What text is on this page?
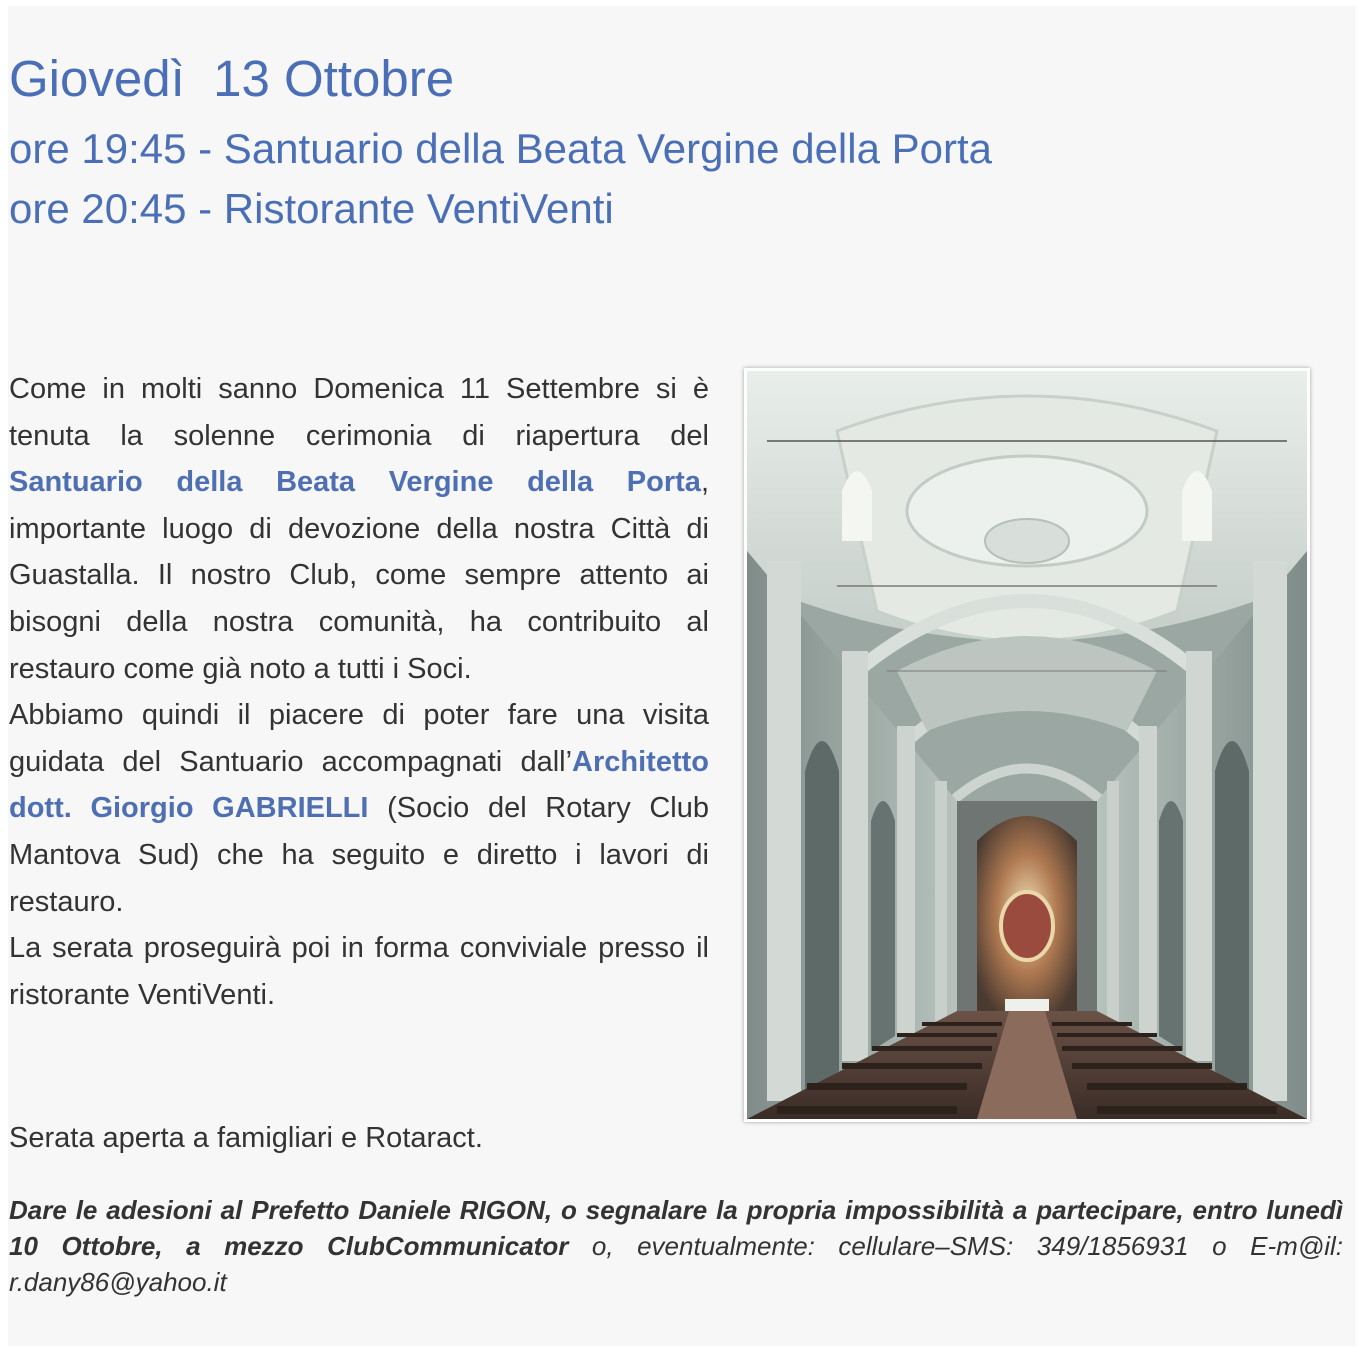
Giovedì  13 Ottobre
ore 19:45 - Santuario della Beata Vergine della Porta
ore 20:45 - Ristorante VentiVenti

Come in molti sanno Domenica 11 Settembre si è tenuta la solenne cerimonia di riapertura del Santuario della Beata Vergine della Porta, importante luogo di devozione della nostra Città di Guastalla. Il nostro Club, come sempre attento ai bisogni della nostra comunità, ha contribuito al restauro come già noto a tutti i Soci.

Abbiamo quindi il piacere di poter fare una visita guidata del Santuario accompagnati dall’Architetto dott. Giorgio GABRIELLI (Socio del Rotary Club Mantova Sud) che ha seguito e diretto i lavori di restauro.

La serata proseguirà poi in forma conviviale presso il ristorante VentiVenti.

Serata aperta a famigliari e Rotaract.

Dare le adesioni al Prefetto Daniele RIGON, o segnalare la propria impossibilità a partecipare, entro lunedì 10 Ottobre, a mezzo ClubCommunicator o, eventualmente: cellulare–SMS: 349/1856931 o E-m@il: r.dany86@yahoo.it
